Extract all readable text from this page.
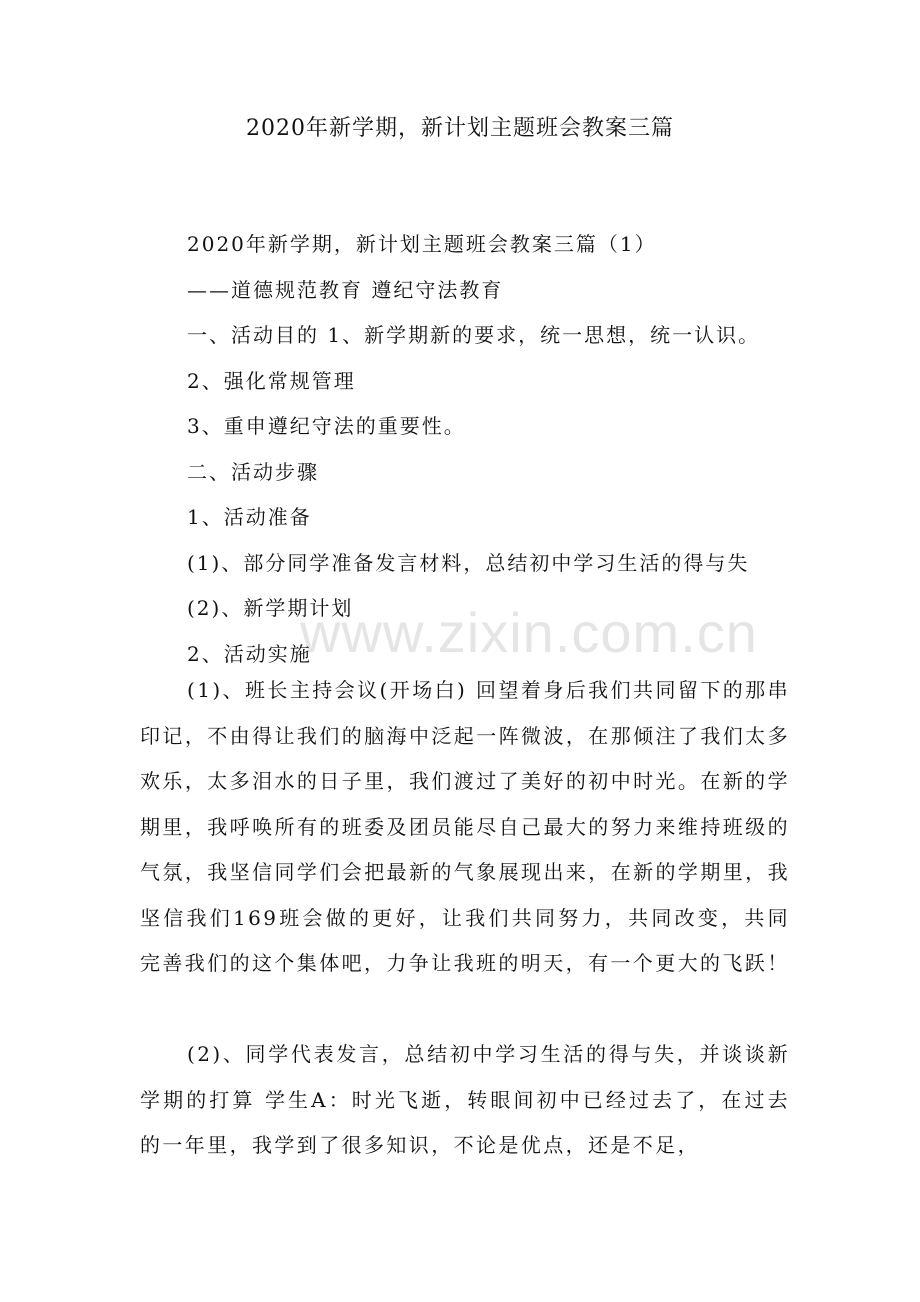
2020年新学期，新计划主题班会教案三篇
2020年新学期，新计划主题班会教案三篇（1）
——道德规范教育 遵纪守法教育
一、活动目的 1、新学期新的要求，统一思想，统一认识。
2、强化常规管理
3、重申遵纪守法的重要性。
二、活动步骤
1、活动准备
(1)、部分同学准备发言材料，总结初中学习生活的得与失
(2)、新学期计划
2、活动实施
(1)、班长主持会议(开场白) 回望着身后我们共同留下的那串印记，不由得让我们的脑海中泛起一阵微波，在那倾注了我们太多欢乐，太多泪水的日子里，我们渡过了美好的初中时光。在新的学期里，我呼唤所有的班委及团员能尽自己最大的努力来维持班级的气氛，我坚信同学们会把最新的气象展现出来，在新的学期里，我坚信我们169班会做的更好，让我们共同努力，共同改变，共同完善我们的这个集体吧，力争让我班的明天，有一个更大的飞跃！
(2)、同学代表发言，总结初中学习生活的得与失，并谈谈新学期的打算 学生A：时光飞逝，转眼间初中已经过去了，在过去的一年里，我学到了很多知识，不论是优点，还是不足，
www.zixin.com.cn
